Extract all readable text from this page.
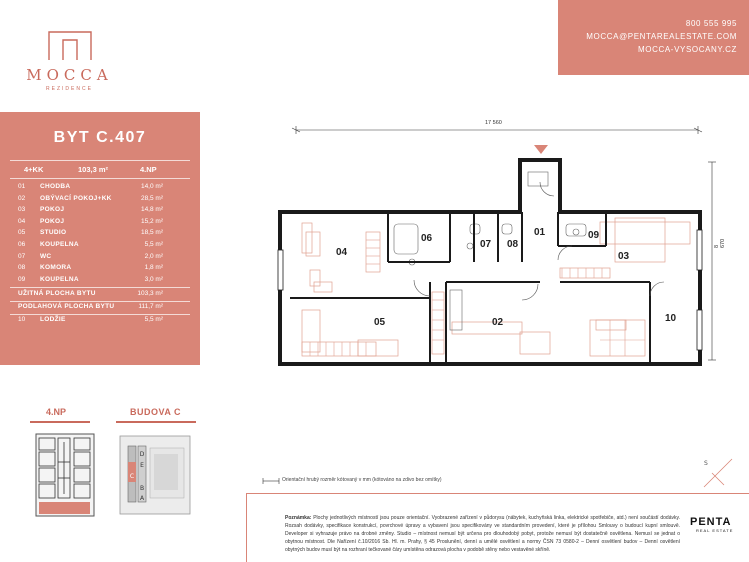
MOCCA
REZIDENCE
800 555 995
MOCCA@PENTAREALESTATE.COM
MOCCA-VYSOCANY.CZ
BYT C.407
4+KK	103,3 m²	4.NP
01 CHODBA	14,0 m²
02 OBÝVACÍ POKOJ+KK	28,5 m²
03 POKOJ	14,8 m²
04 POKOJ	15,2 m²
05 STUDIO	18,5 m²
06 KOUPELNA	5,5 m²
07 WC	2,0 m²
08 KOMORA	1,8 m²
09 KOUPELNA	3,0 m²
UŽITNÁ PLOCHA BYTU	103,3 m²
PODLAHOVÁ PLOCHA BYTU	111,7 m²
10 LODŽIE	5,5 m²
4.NP	BUDOVA C
D
E
C
B
A
17 560
8 670
01
02
03
04
05
06
07 08
09
10
Orientační hrubý rozměr kótovaný v mm (kótováno na zdivo bez omítky)
S
Poznámka: Plochy jednotlivých místností jsou pouze orientační. Vyobrazené zařízení v půdorysu (nábytek, kuchyňská linka, elektrické spotřebiče, atd.) není součástí dodávky. Rozsah dodávky, specifikace konstrukcí, povrchové úpravy a vybavení jsou specifikovány ve standardním provedení, které je přílohou Smlouvy o budoucí kupní smlouvě. Developer si vyhrazuje právo na drobné změny. Studio – místnost nemusí být určena pro dlouhodobý pobyt, protože nemusí být dostatečně osvětlena. Nemusí se jednat o obytnou místnost. Dle Nařízení č.10/2016 Sb. Hl. m. Prahy, § 45 Proslunění, denní a umělé osvětlení a normy ČSN 73 0580-2 – Denní osvětlení budov – Denní osvětlení obytných budov musí být na rozhraní tečkované čáry umístěna odrazová plocha v podobě stěny nebo vestavěné skříně.
PENTA
REAL ESTATE
